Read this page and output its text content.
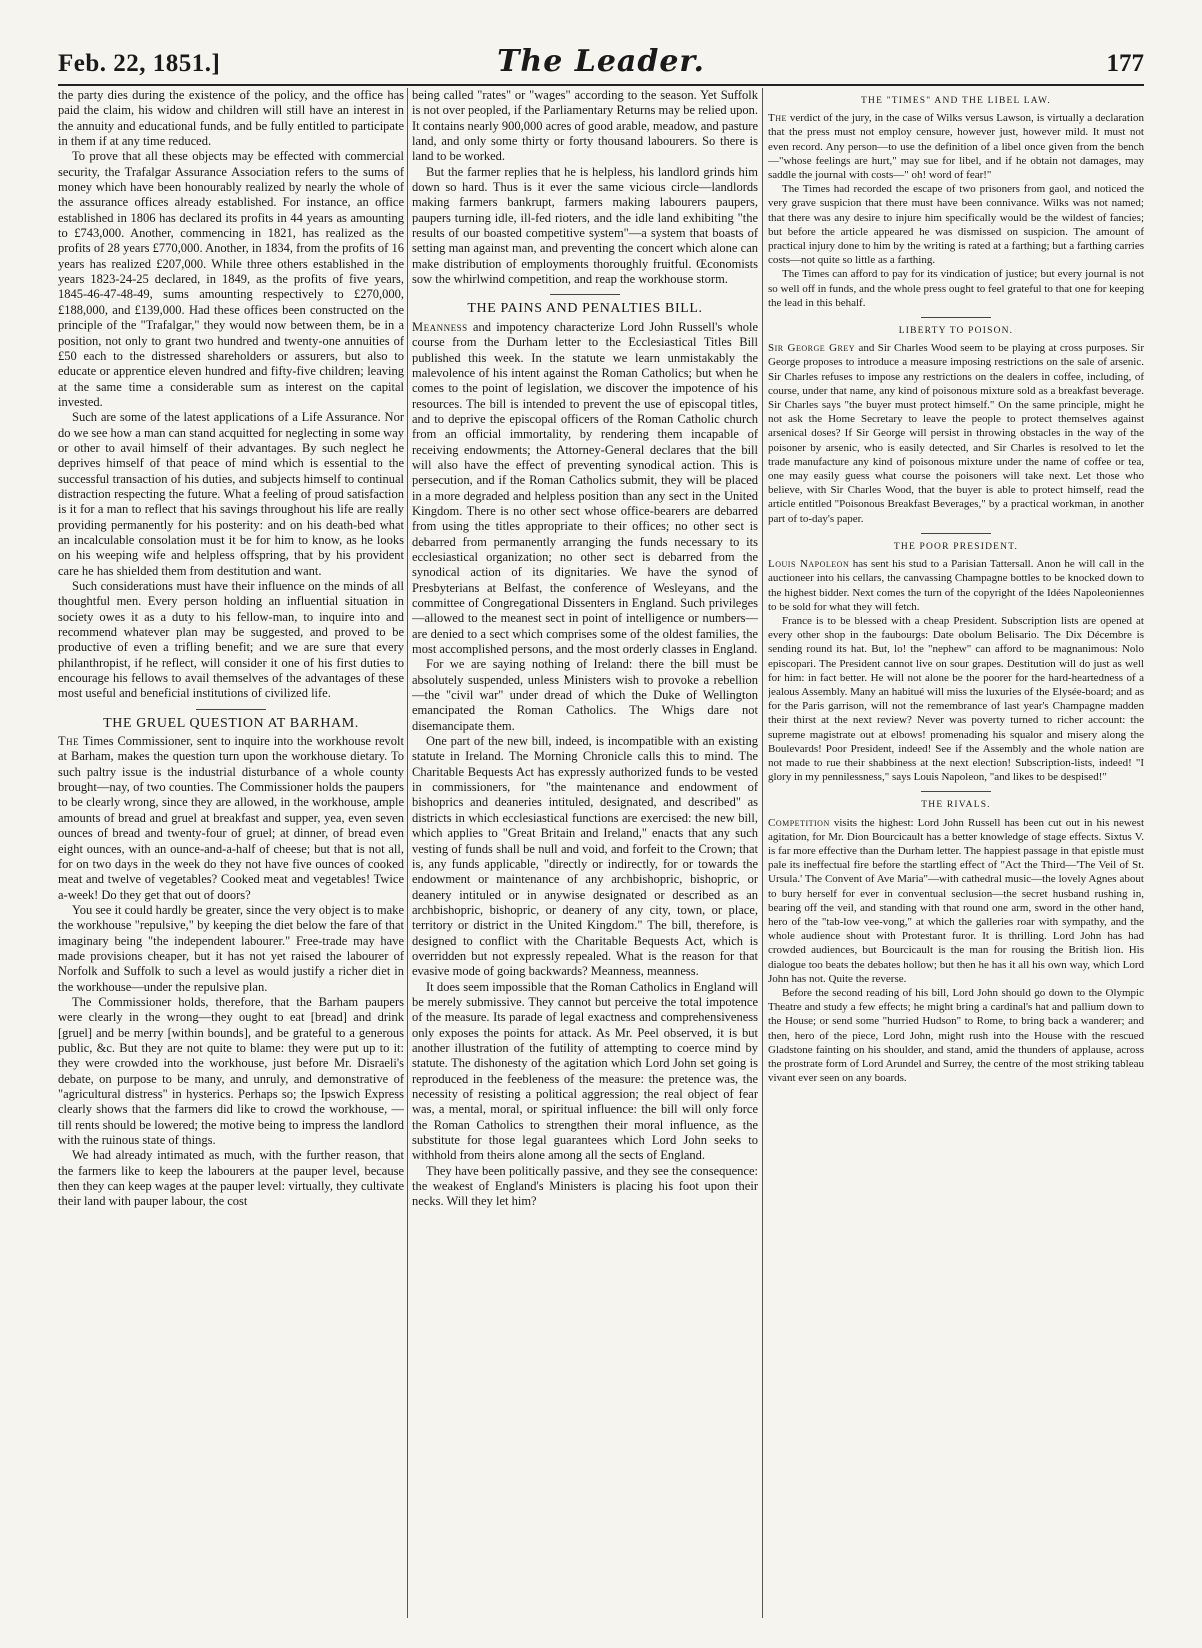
Feb. 22, 1851.]	The Leader.	177

the party dies during the existence of the policy, and the office has paid the claim, his widow and children will still have an interest in the annuity and educational funds, and be fully entitled to participate in them if at any time reduced.

To prove that all these objects may be effected with commercial security, the Trafalgar Assurance Association refers to the sums of money which have been honourably realized by nearly the whole of the assurance offices already established. For instance, an office established in 1806 has declared its profits in 44 years as amounting to £743,000. Another, commencing in 1821, has realized as the profits of 28 years £770,000. Another, in 1834, from the profits of 16 years has realized £207,000. While three others established in the years 1823-24-25 declared, in 1849, as the profits of five years, 1845-46-47-48-49, sums amounting respectively to £270,000, £188,000, and £139,000. Had these offices been constructed on the principle of the "Trafalgar," they would now between them, be in a position, not only to grant two hundred and twenty-one annuities of £50 each to the distressed shareholders or assurers, but also to educate or apprentice eleven hundred and fifty-five children; leaving at the same time a considerable sum as interest on the capital invested.

Such are some of the latest applications of a Life Assurance. Nor do we see how a man can stand acquitted for neglecting in some way or other to avail himself of their advantages. By such neglect he deprives himself of that peace of mind which is essential to the successful transaction of his duties, and subjects himself to continual distraction respecting the future. What a feeling of proud satisfaction is it for a man to reflect that his savings throughout his life are really providing permanently for his posterity: and on his death-bed what an incalculable consolation must it be for him to know, as he looks on his weeping wife and helpless offspring, that by his provident care he has shielded them from destitution and want.

Such considerations must have their influence on the minds of all thoughtful men. Every person holding an influential situation in society owes it as a duty to his fellow-man, to inquire into and recommend whatever plan may be suggested, and proved to be productive of even a trifling benefit; and we are sure that every philanthropist, if he reflect, will consider it one of his first duties to encourage his fellows to avail themselves of the advantages of these most useful and beneficial institutions of civilized life.

THE GRUEL QUESTION AT BARHAM.

The Times Commissioner, sent to inquire into the workhouse revolt at Barham, makes the question turn upon the workhouse dietary. To such paltry issue is the industrial disturbance of a whole county brought—nay, of two counties. The Commissioner holds the paupers to be clearly wrong, since they are allowed, in the workhouse, ample amounts of bread and gruel at breakfast and supper, yea, even seven ounces of bread and twenty-four of gruel; at dinner, of bread even eight ounces, with an ounce-and-a-half of cheese; but that is not all, for on two days in the week do they not have five ounces of cooked meat and twelve of vegetables? Cooked meat and vegetables! Twice a-week! Do they get that out of doors?

You see it could hardly be greater, since the very object is to make the workhouse "repulsive," by keeping the diet below the fare of that imaginary being "the independent labourer." Free-trade may have made provisions cheaper, but it has not yet raised the labourer of Norfolk and Suffolk to such a level as would justify a richer diet in the workhouse—under the repulsive plan.

The Commissioner holds, therefore, that the Barham paupers were clearly in the wrong—they ought to eat [bread] and drink [gruel] and be merry [within bounds], and be grateful to a generous public, &c. But they are not quite to blame: they were put up to it: they were crowded into the workhouse, just before Mr. Disraeli's debate, on purpose to be many, and unruly, and demonstrative of "agricultural distress" in hysterics. Perhaps so; the Ipswich Express clearly shows that the farmers did like to crowd the workhouse, —till rents should be lowered; the motive being to impress the landlord with the ruinous state of things.

We had already intimated as much, with the further reason, that the farmers like to keep the labourers at the pauper level, because then they can keep wages at the pauper level: virtually, they cultivate their land with pauper labour, the cost

being called "rates" or "wages" according to the season. Yet Suffolk is not over peopled, if the Parliamentary Returns may be relied upon. It contains nearly 900,000 acres of good arable, meadow, and pasture land, and only some thirty or forty thousand labourers. So there is land to be worked.

But the farmer replies that he is helpless, his landlord grinds him down so hard. Thus is it ever the same vicious circle—landlords making farmers bankrupt, farmers making labourers paupers, paupers turning idle, ill-fed rioters, and the idle land exhibiting "the results of our boasted competitive system"—a system that boasts of setting man against man, and preventing the concert which alone can make distribution of employments thoroughly fruitful. Œconomists sow the whirlwind competition, and reap the workhouse storm.

THE PAINS AND PENALTIES BILL.

Meanness and impotency characterize Lord John Russell's whole course from the Durham letter to the Ecclesiastical Titles Bill published this week. In the statute we learn unmistakably the malevolence of his intent against the Roman Catholics; but when he comes to the point of legislation, we discover the impotence of his resources. The bill is intended to prevent the use of episcopal titles, and to deprive the episcopal officers of the Roman Catholic church from an official immortality, by rendering them incapable of receiving endowments; the Attorney-General declares that the bill will also have the effect of preventing synodical action. This is persecution, and if the Roman Catholics submit, they will be placed in a more degraded and helpless position than any sect in the United Kingdom. There is no other sect whose office-bearers are debarred from using the titles appropriate to their offices; no other sect is debarred from permanently arranging the funds necessary to its ecclesiastical organization; no other sect is debarred from the synodical action of its dignitaries. We have the synod of Presbyterians at Belfast, the conference of Wesleyans, and the committee of Congregational Dissenters in England. Such privileges—allowed to the meanest sect in point of intelligence or numbers—are denied to a sect which comprises some of the oldest families, the most accomplished persons, and the most orderly classes in England.

For we are saying nothing of Ireland: there the bill must be absolutely suspended, unless Ministers wish to provoke a rebellion—the "civil war" under dread of which the Duke of Wellington emancipated the Roman Catholics. The Whigs dare not disemancipate them.

One part of the new bill, indeed, is incompatible with an existing statute in Ireland. The Morning Chronicle calls this to mind. The Charitable Bequests Act has expressly authorized funds to be vested in commissioners, for "the maintenance and endowment of bishoprics and deaneries intituled, designated, and described" as districts in which ecclesiastical functions are exercised: the new bill, which applies to "Great Britain and Ireland," enacts that any such vesting of funds shall be null and void, and forfeit to the Crown; that is, any funds applicable, "directly or indirectly, for or towards the endowment or maintenance of any archbishopric, bishopric, or deanery intituled or in anywise designated or described as an archbishopric, bishopric, or deanery of any city, town, or place, territory or district in the United Kingdom." The bill, therefore, is designed to conflict with the Charitable Bequests Act, which is overridden but not expressly repealed. What is the reason for that evasive mode of going backwards? Meanness, meanness.

It does seem impossible that the Roman Catholics in England will be merely submissive. They cannot but perceive the total impotence of the measure. Its parade of legal exactness and comprehensiveness only exposes the points for attack. As Mr. Peel observed, it is but another illustration of the futility of attempting to coerce mind by statute. The dishonesty of the agitation which Lord John set going is reproduced in the feebleness of the measure: the pretence was, the necessity of resisting a political aggression; the real object of fear was, a mental, moral, or spiritual influence: the bill will only force the Roman Catholics to strengthen their moral influence, as the substitute for those legal guarantees which Lord John seeks to withhold from theirs alone among all the sects of England.

They have been politically passive, and they see the consequence: the weakest of England's Ministers is placing his foot upon their necks. Will they let him?

THE "TIMES" AND THE LIBEL LAW.

The verdict of the jury, in the case of Wilks versus Lawson, is virtually a declaration that the press must not employ censure, however just, however mild. It must not even record. Any person—to use the definition of a libel once given from the bench—"whose feelings are hurt," may sue for libel, and if he obtain not damages, may saddle the journal with costs—" oh! word of fear!"

The Times had recorded the escape of two prisoners from gaol, and noticed the very grave suspicion that there must have been connivance. Wilks was not named; that there was any desire to injure him specifically would be the wildest of fancies; but before the article appeared he was dismissed on suspicion. The amount of practical injury done to him by the writing is rated at a farthing; but a farthing carries costs—not quite so little as a farthing.

The Times can afford to pay for its vindication of justice; but every journal is not so well off in funds, and the whole press ought to feel grateful to that one for keeping the lead in this behalf.

LIBERTY TO POISON.

Sir George Grey and Sir Charles Wood seem to be playing at cross purposes. Sir George proposes to introduce a measure imposing restrictions on the sale of arsenic. Sir Charles refuses to impose any restrictions on the dealers in coffee, including, of course, under that name, any kind of poisonous mixture sold as a breakfast beverage. Sir Charles says "the buyer must protect himself." On the same principle, might he not ask the Home Secretary to leave the people to protect themselves against arsenical doses? If Sir George will persist in throwing obstacles in the way of the poisoner by arsenic, who is easily detected, and Sir Charles is resolved to let the trade manufacture any kind of poisonous mixture under the name of coffee or tea, one may easily guess what course the poisoners will take next. Let those who believe, with Sir Charles Wood, that the buyer is able to protect himself, read the article entitled "Poisonous Breakfast Beverages," by a practical workman, in another part of to-day's paper.

THE POOR PRESIDENT.

Louis Napoleon has sent his stud to a Parisian Tattersall. Anon he will call in the auctioneer into his cellars, the canvassing Champagne bottles to be knocked down to the highest bidder. Next comes the turn of the copyright of the Idées Napoleoniennes to be sold for what they will fetch.

France is to be blessed with a cheap President. Subscription lists are opened at every other shop in the faubourgs: Date obolum Belisario. The Dix Décembre is sending round its hat. But, lo! the "nephew" can afford to be magnanimous: Nolo episcopari. The President cannot live on sour grapes. Destitution will do just as well for him: in fact better. He will not alone be the poorer for the hard-heartedness of a jealous Assembly. Many an habitué will miss the luxuries of the Elysée-board; and as for the Paris garrison, will not the remembrance of last year's Champagne madden their thirst at the next review? Never was poverty turned to richer account: the supreme magistrate out at elbows! promenading his squalor and misery along the Boulevards! Poor President, indeed! See if the Assembly and the whole nation are not made to rue their shabbiness at the next election! Subscription-lists, indeed! "I glory in my pennilessness," says Louis Napoleon, "and likes to be despised!"

THE RIVALS.

Competition visits the highest: Lord John Russell has been cut out in his newest agitation, for Mr. Dion Bourcicault has a better knowledge of stage effects. Sixtus V. is far more effective than the Durham letter. The happiest passage in that epistle must pale its ineffectual fire before the startling effect of "Act the Third—'The Veil of St. Ursula.' The Convent of Ave Maria"—with cathedral music—the lovely Agnes about to bury herself for ever in conventual seclusion—the secret husband rushing in, bearing off the veil, and standing with that round one arm, sword in the other hand, hero of the "tab-low vee-vong," at which the galleries roar with sympathy, and the whole audience shout with Protestant furor. It is thrilling. Lord John has had crowded audiences, but Bourcicault is the man for rousing the British lion. His dialogue too beats the debates hollow; but then he has it all his own way, which Lord John has not. Quite the reverse.

Before the second reading of his bill, Lord John should go down to the Olympic Theatre and study a few effects; he might bring a cardinal's hat and pallium down to the House; or send some "hurried Hudson" to Rome, to bring back a wanderer; and then, hero of the piece, Lord John, might rush into the House with the rescued Gladstone fainting on his shoulder, and stand, amid the thunders of applause, across the prostrate form of Lord Arundel and Surrey, the centre of the most striking tableau vivant ever seen on any boards.
